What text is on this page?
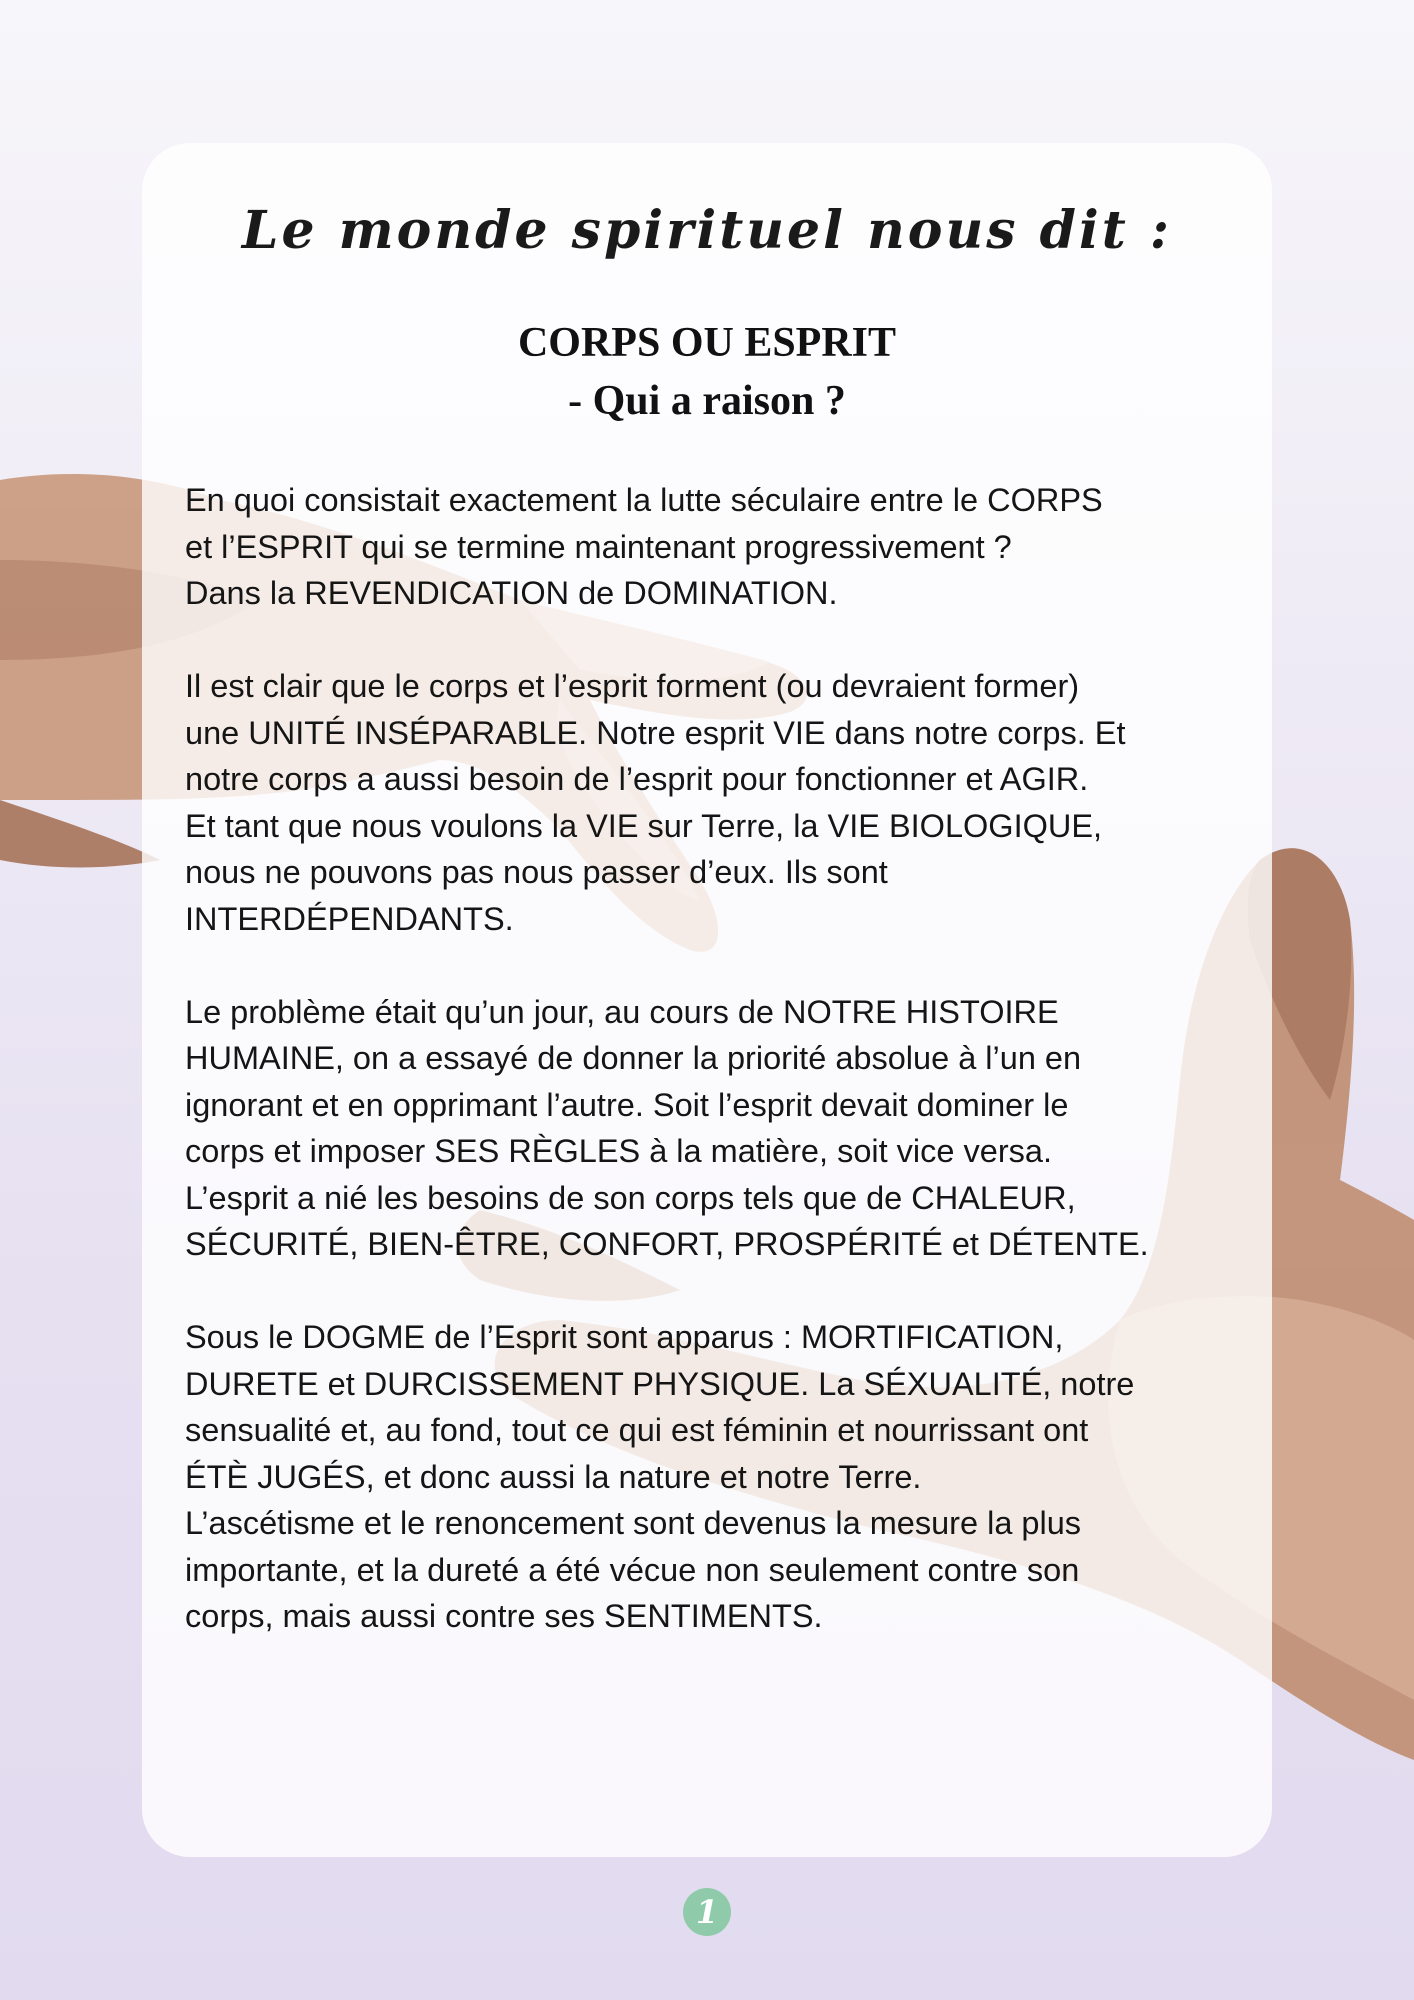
Le monde spirituel nous dit :
CORPS OU ESPRIT
- Qui a raison ?

En quoi consistait exactement la lutte séculaire entre le CORPS
et l’ESPRIT qui se termine maintenant progressivement ?
Dans la REVENDICATION de DOMINATION.

Il est clair que le corps et l’esprit forment (ou devraient former)
une UNITÉ INSÉPARABLE. Notre esprit VIE dans notre corps. Et
notre corps a aussi besoin de l’esprit pour fonctionner et AGIR.
Et tant que nous voulons la VIE sur Terre, la VIE BIOLOGIQUE,
nous ne pouvons pas nous passer d’eux. Ils sont
INTERDÉPENDANTS.

Le problème était qu’un jour, au cours de NOTRE HISTOIRE
HUMAINE, on a essayé de donner la priorité absolue à l’un en
ignorant et en opprimant l’autre. Soit l’esprit devait dominer le
corps et imposer SES RÈGLES à la matière, soit vice versa.
L’esprit a nié les besoins de son corps tels que de CHALEUR,
SÉCURITÉ, BIEN-ÊTRE, CONFORT, PROSPÉRITÉ et DÉTENTE.

Sous le DOGME de l’Esprit sont apparus : MORTIFICATION,
DURETE et DURCISSEMENT PHYSIQUE. La SÉXUALITÉ, notre
sensualité et, au fond, tout ce qui est féminin et nourrissant ont
ÉTÈ JUGÉS, et donc aussi la nature et notre Terre.
L’ascétisme et le renoncement sont devenus la mesure la plus
importante, et la dureté a été vécue non seulement contre son
corps, mais aussi contre ses SENTIMENTS.

1
